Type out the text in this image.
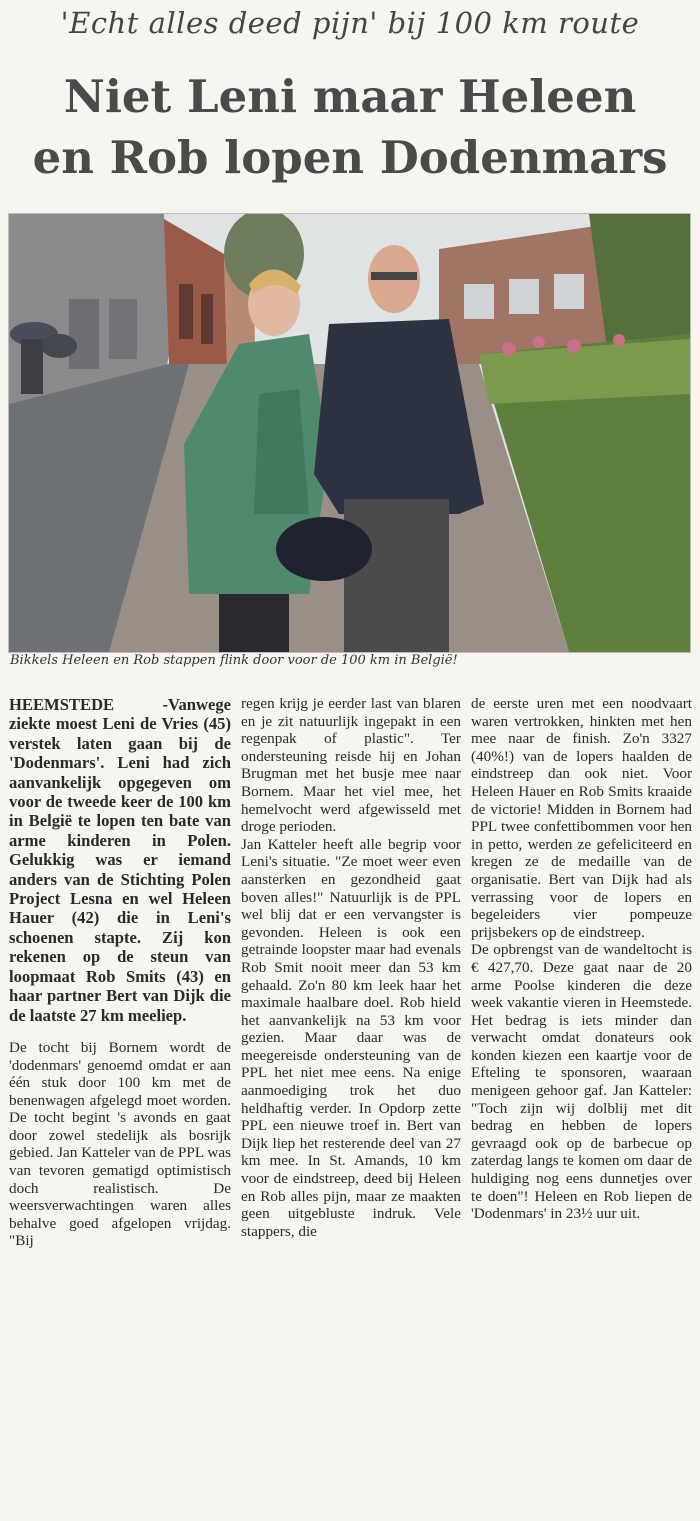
'Echt alles deed pijn' bij 100 km route
Niet Leni maar Heleen
en Rob lopen Dodenmars
Bikkels Heleen en Rob stappen flink door voor de 100 km in België!

HEEMSTEDE	-Vanwege ziekte moest Leni de Vries (45) verstek laten gaan bij de 'Dodenmars'. Leni had zich aanvankelijk opgegeven om voor de tweede keer de 100 km in België te lopen ten bate van arme kinderen in Polen. Gelukkig was er iemand anders van de Stichting Polen Project Lesna en wel Heleen Hauer (42) die in Leni's schoenen stapte. Zij kon rekenen op de steun van loopmaat Rob Smits (43) en haar partner Bert van Dijk die de laatste 27 km meeliep.

De tocht bij Bornem wordt de 'dodenmars' genoemd omdat er aan één stuk door 100 km met de benenwagen afgelegd moet worden. De tocht begint 's avonds en gaat door zowel stedelijk als bosrijk gebied. Jan Katteler van de PPL was van tevoren gematigd optimistisch doch realistisch. De weersverwachtingen waren alles behalve goed afgelopen vrijdag. "Bij

regen krijg je eerder last van blaren en je zit natuurlijk ingepakt in een regenpak of plastic". Ter ondersteuning reisde hij en Johan Brugman met het busje mee naar Bornem. Maar het viel mee, het hemelvocht werd afgewisseld met droge perioden.

Jan Katteler heeft alle begrip voor Leni's situatie. "Ze moet weer even aansterken en gezondheid gaat boven alles!" Natuurlijk is de PPL wel blij dat er een vervangster is gevonden. Heleen is ook een getrainde loopster maar had evenals Rob Smit nooit meer dan 53 km gehaald. Zo'n 80 km leek haar het maximale haalbare doel. Rob hield het aanvankelijk na 53 km voor gezien. Maar daar was de meegereisde ondersteuning van de PPL het niet mee eens. Na enige aanmoediging trok het duo heldhaftig verder. In Opdorp zette PPL een nieuwe troef in. Bert van Dijk liep het resterende deel van 27 km mee. In St. Amands, 10 km voor de eindstreep, deed bij Heleen en Rob alles pijn, maar ze maakten geen uitgebluste indruk. Vele stappers, die

de eerste uren met een noodvaart waren vertrokken, hinkten met hen mee naar de finish. Zo'n 3327 (40%!) van de lopers haalden de eindstreep dan ook niet. Voor Heleen Hauer en Rob Smits kraaide de victorie! Midden in Bornem had PPL twee confettibommen voor hen in petto, werden ze gefeliciteerd en kregen ze de medaille van de organisatie. Bert van Dijk had als verrassing voor de lopers en begeleiders vier pompeuze prijsbekers op de eindstreep.

De opbrengst van de wandeltocht is € 427,70. Deze gaat naar de 20 arme Poolse kinderen die deze week vakantie vieren in Heemstede. Het bedrag is iets minder dan verwacht omdat donateurs ook konden kiezen een kaartje voor de Efteling te sponsoren, waaraan menigeen gehoor gaf. Jan Katteler: "Toch zijn wij dolblij met dit bedrag en hebben de lopers gevraagd ook op de barbecue op zaterdag langs te komen om daar de huldiging nog eens dunnetjes over te doen"! Heleen en Rob liepen de 'Dodenmars' in 23½ uur uit.
